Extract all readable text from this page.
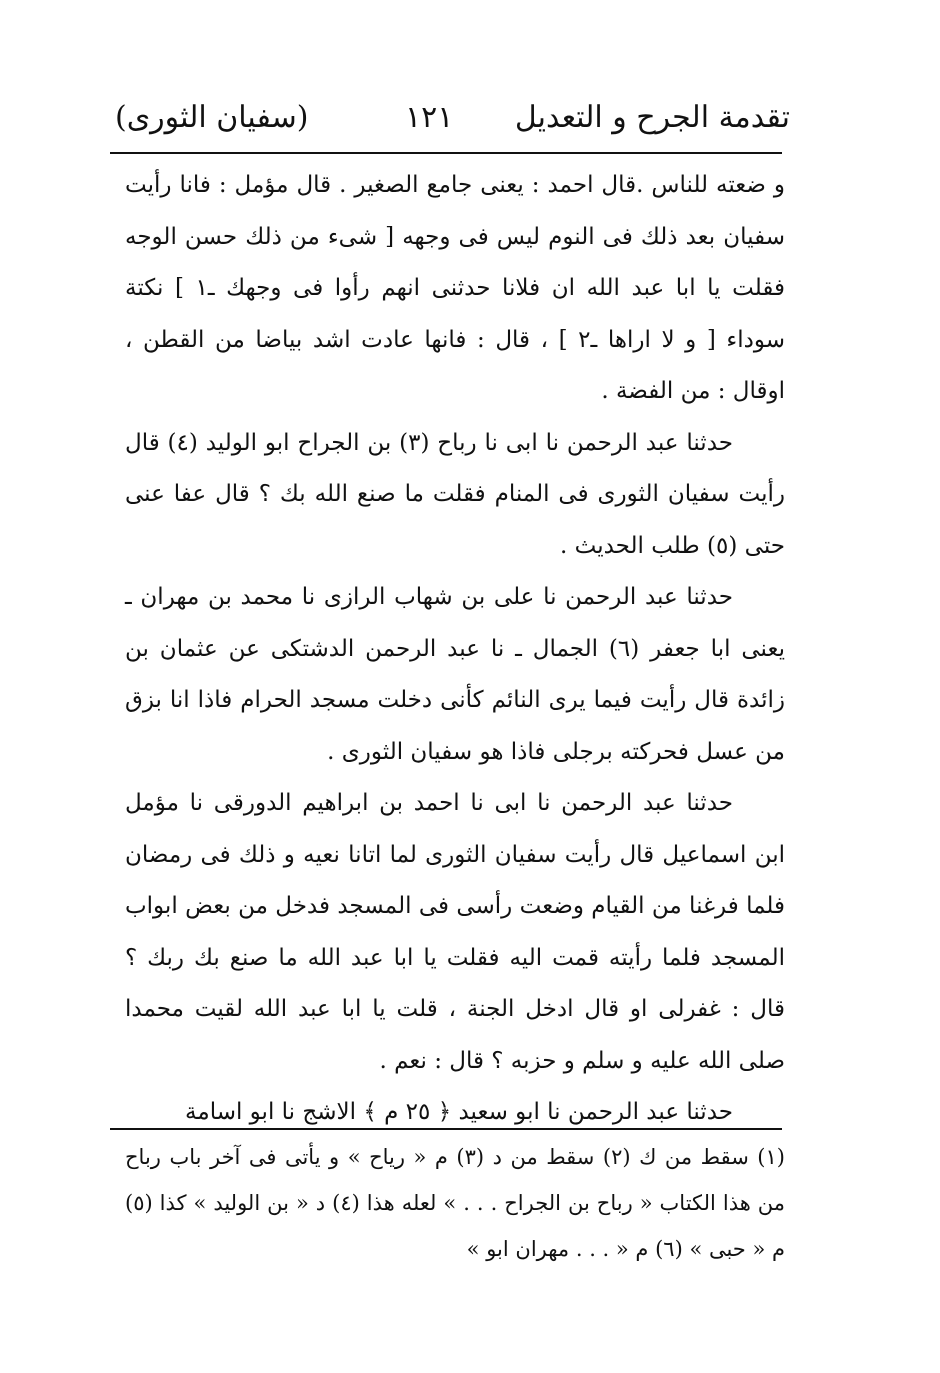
تقدمة الجرح و التعديل
١٢١
(سفيان الثورى)

و ضعته للناس .قال احمد : يعنى جامع الصغير . قال مؤمل : فانا رأيت سفيان بعد ذلك فى النوم ليس فى وجهه [ شىء من ذلك حسن الوجه فقلت يا ابا عبد الله ان فلانا حدثنى انهم رأوا فى وجهك ـ١ ] نكتة سوداء [ و لا اراها ـ٢ ] ، قال : فانها عادت اشد بياضا من القطن ، اوقال : من الفضة .

حدثنا عبد الرحمن نا ابى نا رباح (٣) بن الجراح ابو الوليد (٤) قال رأيت سفيان الثورى فى المنام فقلت ما صنع الله بك ؟ قال عفا عنى حتى (٥) طلب الحديث .

حدثنا عبد الرحمن نا على بن شهاب الرازى نا محمد بن مهران ـ يعنى ابا جعفر (٦) الجمال ـ نا عبد الرحمن الدشتكى عن عثمان بن زائدة قال رأيت فيما يرى النائم كأنى دخلت مسجد الحرام فاذا انا بزق من عسل فحركته برجلى فاذا هو سفيان الثورى .

حدثنا عبد الرحمن نا ابى نا احمد بن ابراهيم الدورقى نا مؤمل ابن اسماعيل قال رأيت سفيان الثورى لما اتانا نعيه و ذلك فى رمضان فلما فرغنا من القيام وضعت رأسى فى المسجد فدخل من بعض ابواب المسجد فلما رأيته قمت اليه فقلت يا ابا عبد الله ما صنع بك ربك ؟ قال : غفرلى او قال ادخل الجنة ، قلت يا ابا عبد الله لقيت محمدا صلى الله عليه و سلم و حزبه ؟ قال : نعم .

حدثنا عبد الرحمن نا ابو سعيد ﴿ ٢٥ م ﴾ الاشج نا ابو اسامة

(١) سقط من ك (٢) سقط من د (٣) م « رياح » و يأتى فى آخر باب رباح من هذا الكتاب « رباح بن الجراح . . . » لعله هذا (٤) د « بن الوليد » كذا (٥) م « حبى » (٦) م « . . . مهران ابو »
